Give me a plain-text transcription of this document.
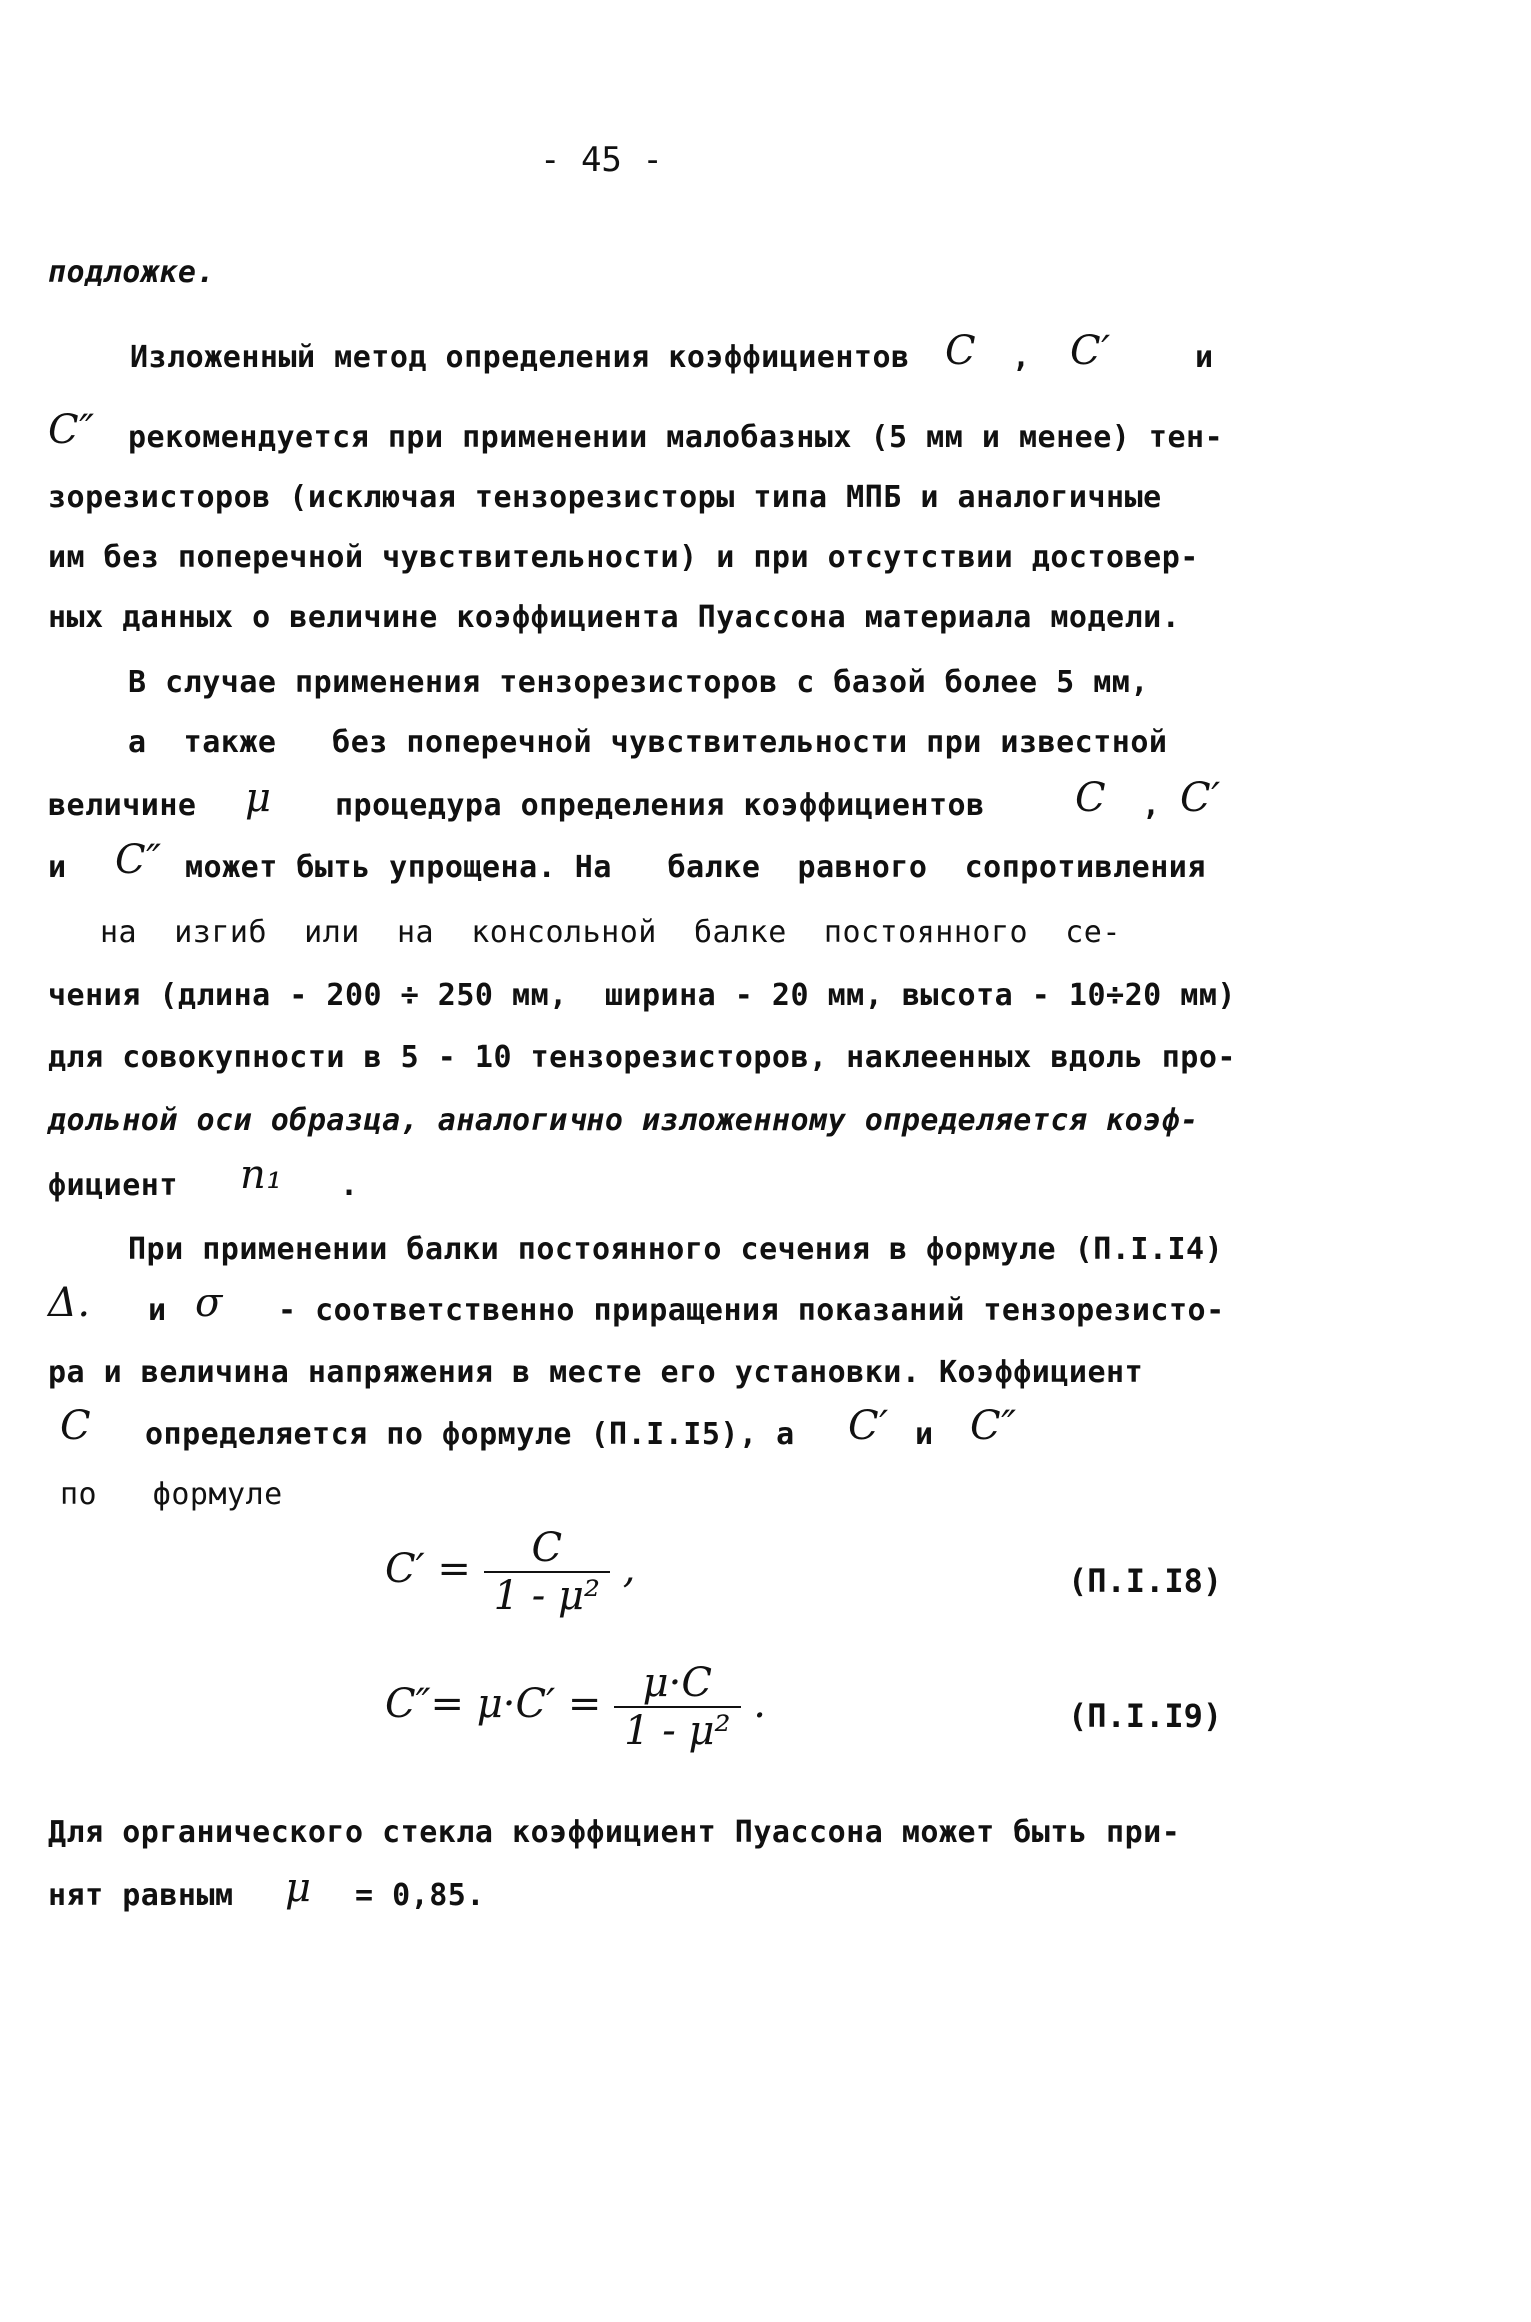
- 45 -
подложке.
Изложенный метод определения коэффициентов C , C′	и
C″ рекомендуется при применении малобазных (5 мм и менее) тен-
зорезисторов (исключая тензорезисторы типа МПБ и аналогичные
им без поперечной чувствительности) и при отсутствии достовер-
ных данных о величине коэффициента Пуассона материала модели.
В случае применения тензорезисторов с базой более 5 мм,
а  также   без поперечной чувствительности при известной
величине μ процедура определения коэффициентов C , C′
и C″ может быть упрощена. На   балке  равного  сопротивления
на  изгиб  или  на  консольной  балке  постоянного  се-
чения (длина - 200 ÷ 250 мм,  ширина - 20 мм, высота - 10÷20 мм)
для совокупности в 5 - 10 тензорезисторов, наклеенных вдоль про-
дольной оси образца, аналогично изложенному определяется коэф-
фициент n₁ .
При применении балки постоянного сечения в формуле (П.I.I4)
Δ. и σ - соответственно приращения показаний тензорезисто-
ра и величина напряжения в месте его установки. Коэффициент
C определяется по формуле (П.I.I5), а C′ и C″
по   формуле
$C' = \frac{C}{\text{1 - μ²}}$ ,	(П.I.I8)
$C''= \mu\cdot C' = \frac{\mu\cdot C}{\text{1 - μ²}}$ .	(П.I.I9)
Для органического стекла коэффициент Пуассона может быть при-
нят равным μ = 0,85.
